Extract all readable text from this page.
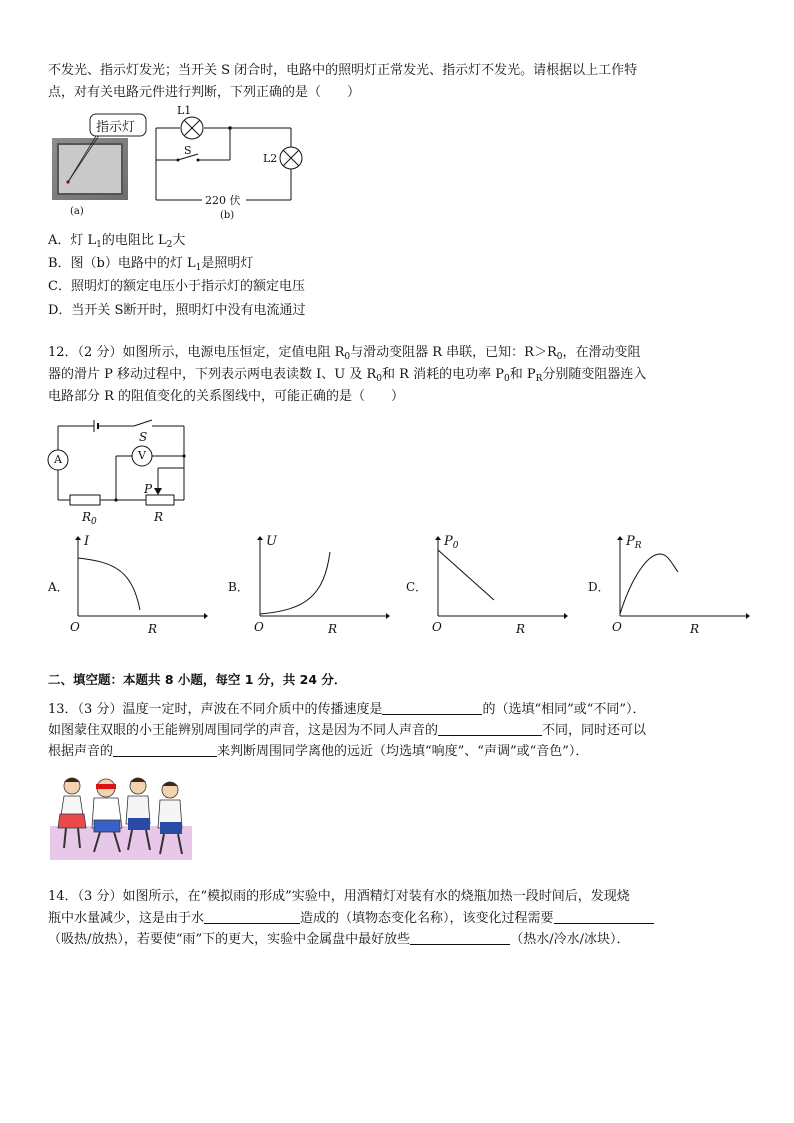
不发光、指示灯发光；当开关 S 闭合时，电路中的照明灯正常发光、指示灯不发光。请根据以上工作特
点，对有关电路元件进行判断，下列正确的是（　　）
指示灯
(a)
L1
S
L2
220 伏
(b)
A．灯 $L_1$的电阻比 $L_2$大
B．图（b）电路中的灯 $L_1$是照明灯
C．照明灯的额定电压小于指示灯的额定电压
D．当开关 S断开时，照明灯中没有电流通过
12．（2 分）如图所示，电源电压恒定，定值电阻 $R_0$与滑动变阻器 R 串联，已知：$R>R_0$，在滑动变阻
器的滑片 P 移动过程中，下列表示两电表读数 I、U 及 $R_0$和 R 消耗的电功率 $P_0$和 $P_R$分别随变阻器连入
电路部分 R 的阻值变化的关系图线中，可能正确的是（　　）
A	V
S
P
$R_0$	R
A．
I
O	R
B．
U
O	R
C．
$P_0$
O	R
D．
$P_R$
O	R
二、填空题：本题共 8 小题，每空 1 分，共 24 分．
13．（3 分）温度一定时，声波在不同介质中的传播速度是	的（选填“相同”或“不同”）．
如图蒙住双眼的小王能辨别周围同学的声音，这是因为不同人声音的	不同，同时还可以
根据声音的	来判断周围同学离他的远近（均选填“响度”、“声调”或“音色”）．
14．（3 分）如图所示，在“模拟雨的形成”实验中，用酒精灯对装有水的烧瓶加热一段时间后，发现烧
瓶中水量减少，这是由于水	造成的（填物态变化名称），该变化过程需要
（吸热/放热），若要使“雨”下的更大，实验中金属盘中最好放些	（热水/冷水/冰块）．
